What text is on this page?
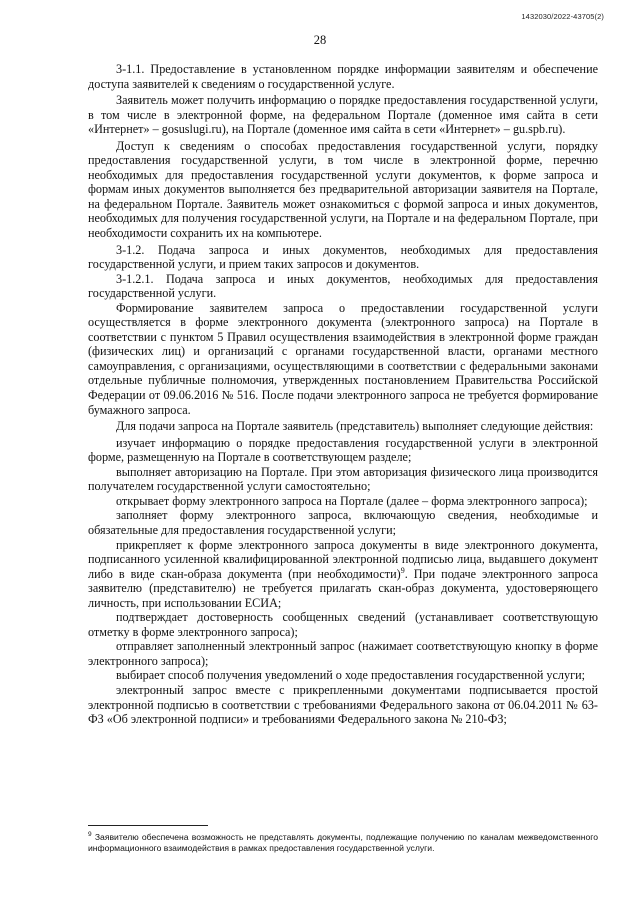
1432030/2022-43705(2)
28

3-1.1. Предоставление в установленном порядке информации заявителям и обеспечение доступа заявителей к сведениям о государственной услуге.

Заявитель может получить информацию о порядке предоставления государственной услуги, в том числе в электронной форме, на федеральном Портале (доменное имя сайта в сети «Интернет» – gosuslugi.ru), на Портале (доменное имя сайта в сети «Интернет» – gu.spb.ru).

Доступ к сведениям о способах предоставления государственной услуги, порядку предоставления государственной услуги, в том числе в электронной форме, перечню необходимых для предоставления государственной услуги документов, к форме запроса и формам иных документов выполняется без предварительной авторизации заявителя на Портале, на федеральном Портале. Заявитель может ознакомиться с формой запроса и иных документов, необходимых для получения государственной услуги, на Портале и на федеральном Портале, при необходимости сохранить их на компьютере.

3-1.2. Подача запроса и иных документов, необходимых для предоставления государственной услуги, и прием таких запросов и документов.

3-1.2.1. Подача запроса и иных документов, необходимых для предоставления государственной услуги.

Формирование заявителем запроса о предоставлении государственной услуги осуществляется в форме электронного документа (электронного запроса) на Портале в соответствии с пунктом 5 Правил осуществления взаимодействия в электронной форме граждан (физических лиц) и организаций с органами государственной власти, органами местного самоуправления, с организациями, осуществляющими в соответствии с федеральными законами отдельные публичные полномочия, утвержденных постановлением Правительства Российской Федерации от 09.06.2016 № 516. После подачи электронного запроса не требуется формирование бумажного запроса.

Для подачи запроса на Портале заявитель (представитель) выполняет следующие действия:

изучает информацию о порядке предоставления государственной услуги в электронной форме, размещенную на Портале в соответствующем разделе;

выполняет авторизацию на Портале. При этом авторизация физического лица производится получателем государственной услуги самостоятельно;

открывает форму электронного запроса на Портале (далее – форма электронного запроса);

заполняет форму электронного запроса, включающую сведения, необходимые и обязательные для предоставления государственной услуги;

прикрепляет к форме электронного запроса документы в виде электронного документа, подписанного усиленной квалифицированной электронной подписью лица, выдавшего документ либо в виде скан-образа документа (при необходимости)$^9$. При подаче электронного запроса заявителю (представителю) не требуется прилагать скан-образ документа, удостоверяющего личность, при использовании ЕСИА;

подтверждает достоверность сообщенных сведений (устанавливает соответствующую отметку в форме электронного запроса);

отправляет заполненный электронный запрос (нажимает соответствующую кнопку в форме электронного запроса);

выбирает способ получения уведомлений о ходе предоставления государственной услуги;

электронный запрос вместе с прикрепленными документами подписывается простой электронной подписью в соответствии с требованиями Федерального закона от 06.04.2011 № 63-ФЗ «Об электронной подписи» и требованиями Федерального закона № 210-ФЗ;

$^9$ Заявителю обеспечена возможность не представлять документы, подлежащие получению по каналам межведомственного информационного взаимодействия в рамках предоставления государственной услуги.
